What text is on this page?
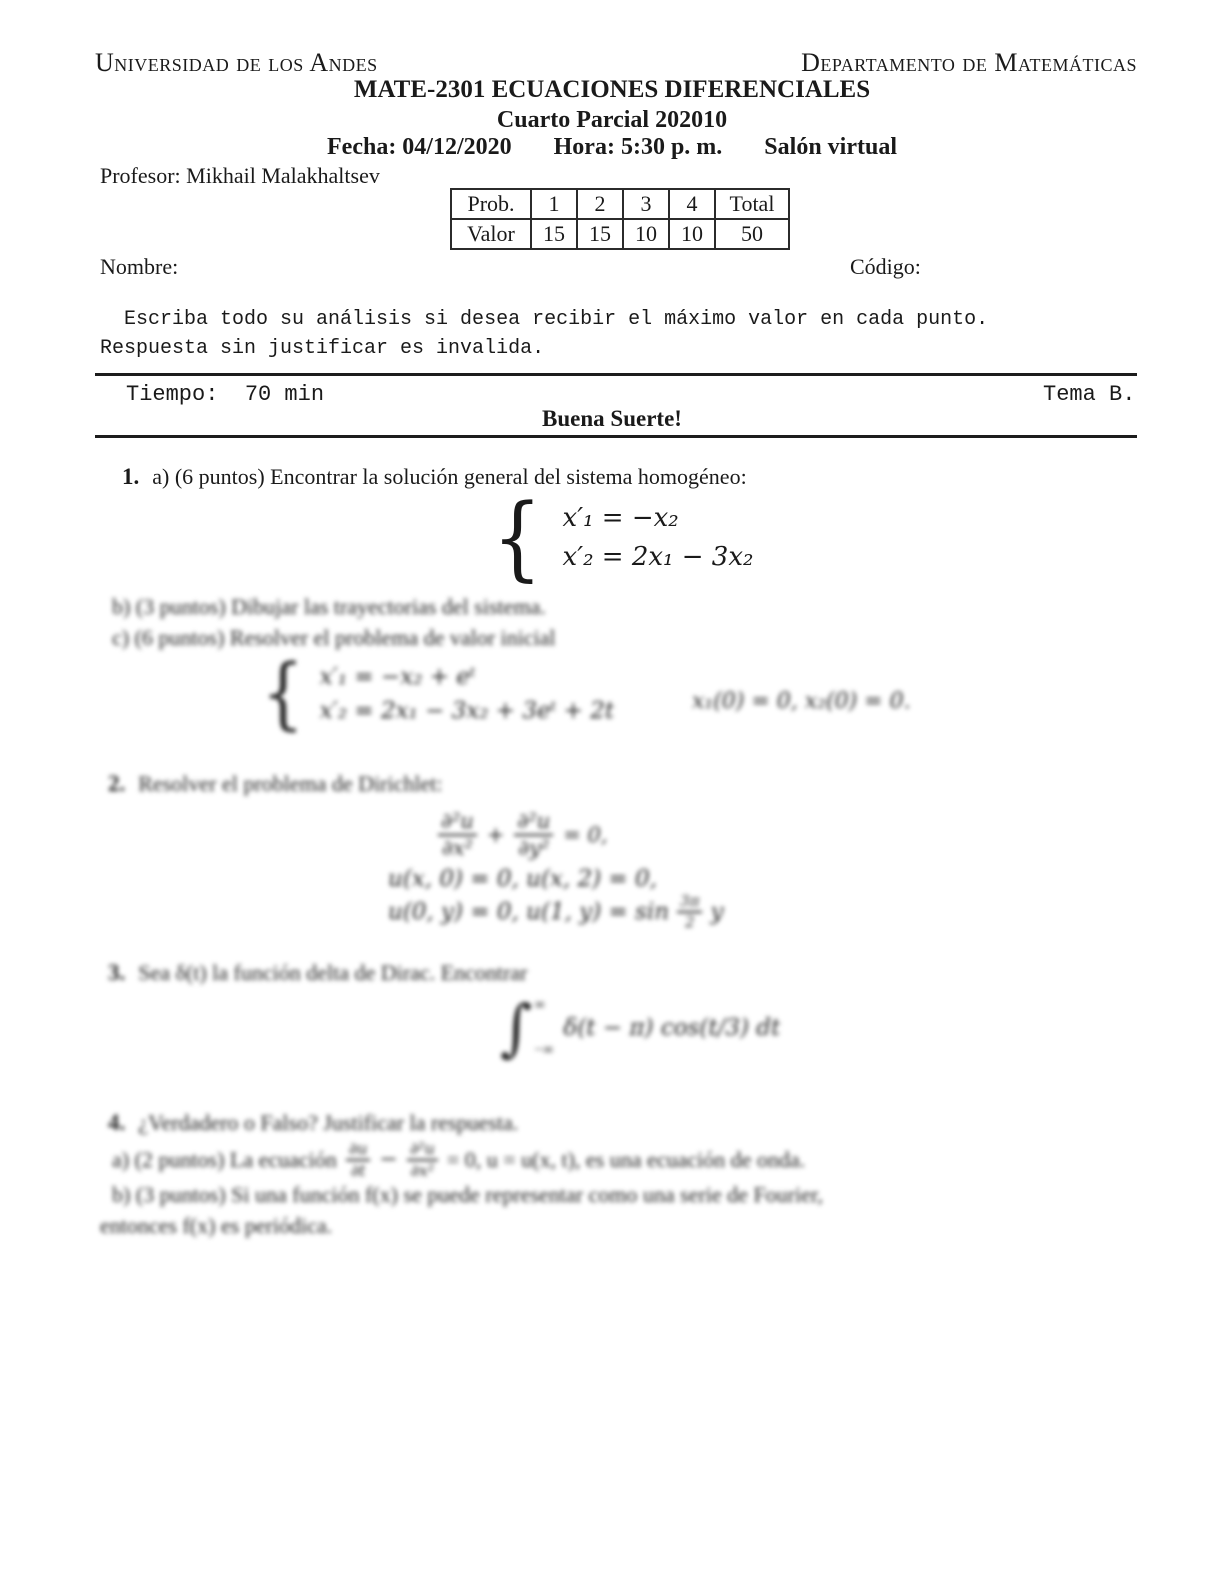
Universidad de los Andes	Departamento de Matemáticas
MATE-2301 ECUACIONES DIFERENCIALES
Cuarto Parcial 202010
Fecha: 04/12/2020 Hora: 5:30 p. m. Salón virtual
Profesor: Mikhail Malakhaltsev
Prob.	1	2	3	4	Total
Valor	15	15	10	10	50
Nombre:	Código:
Escriba todo su análisis si desea recibir el máximo valor en cada punto.
Respuesta sin justificar es invalida.
Tiempo:  70 min	Tema B.
Buena Suerte!
1. a) (6 puntos) Encontrar la solución general del sistema homogéneo:
{ x′₁ = −x₂
x′₂ = 2x₁ − 3x₂
b) (3 puntos) Dibujar las trayectorias del sistema.
c) (6 puntos) Resolver el problema de valor inicial
{ x′₁ = −x₂ + eᵗ
x′₂ = 2x₁ − 3x₂ + 3eᵗ + 2t	x₁(0) = 0, x₂(0) = 0.
2. Resolver el problema de Dirichlet:
$\frac{\text{∂²u}}{\text{∂x²}} + \frac{\text{∂²u}}{\text{∂y²}} = 0$,
u(x, 0) = 0, u(x, 2) = 0,
u(0, y) = 0, u(1, $y) = \sin \frac{3\pi}{2}$ y
3. Sea δ(t) la función delta de Dirac. Encontrar
∫ ∞
−∞
δ(t − π) cos(t/3) dt
4. ¿Verdadero o Falso? Justificar la respuesta.
a) (2 puntos) La ecuación $\frac{\partial u}{\partial t} - \frac{\text{∂²u}}{\text{∂x²}} = 0$, u = u(x, t), es una ecuación de onda.
b) (3 puntos) Si una función f(x) se puede representar como una serie de Fourier,
entonces f(x) es periódica.
